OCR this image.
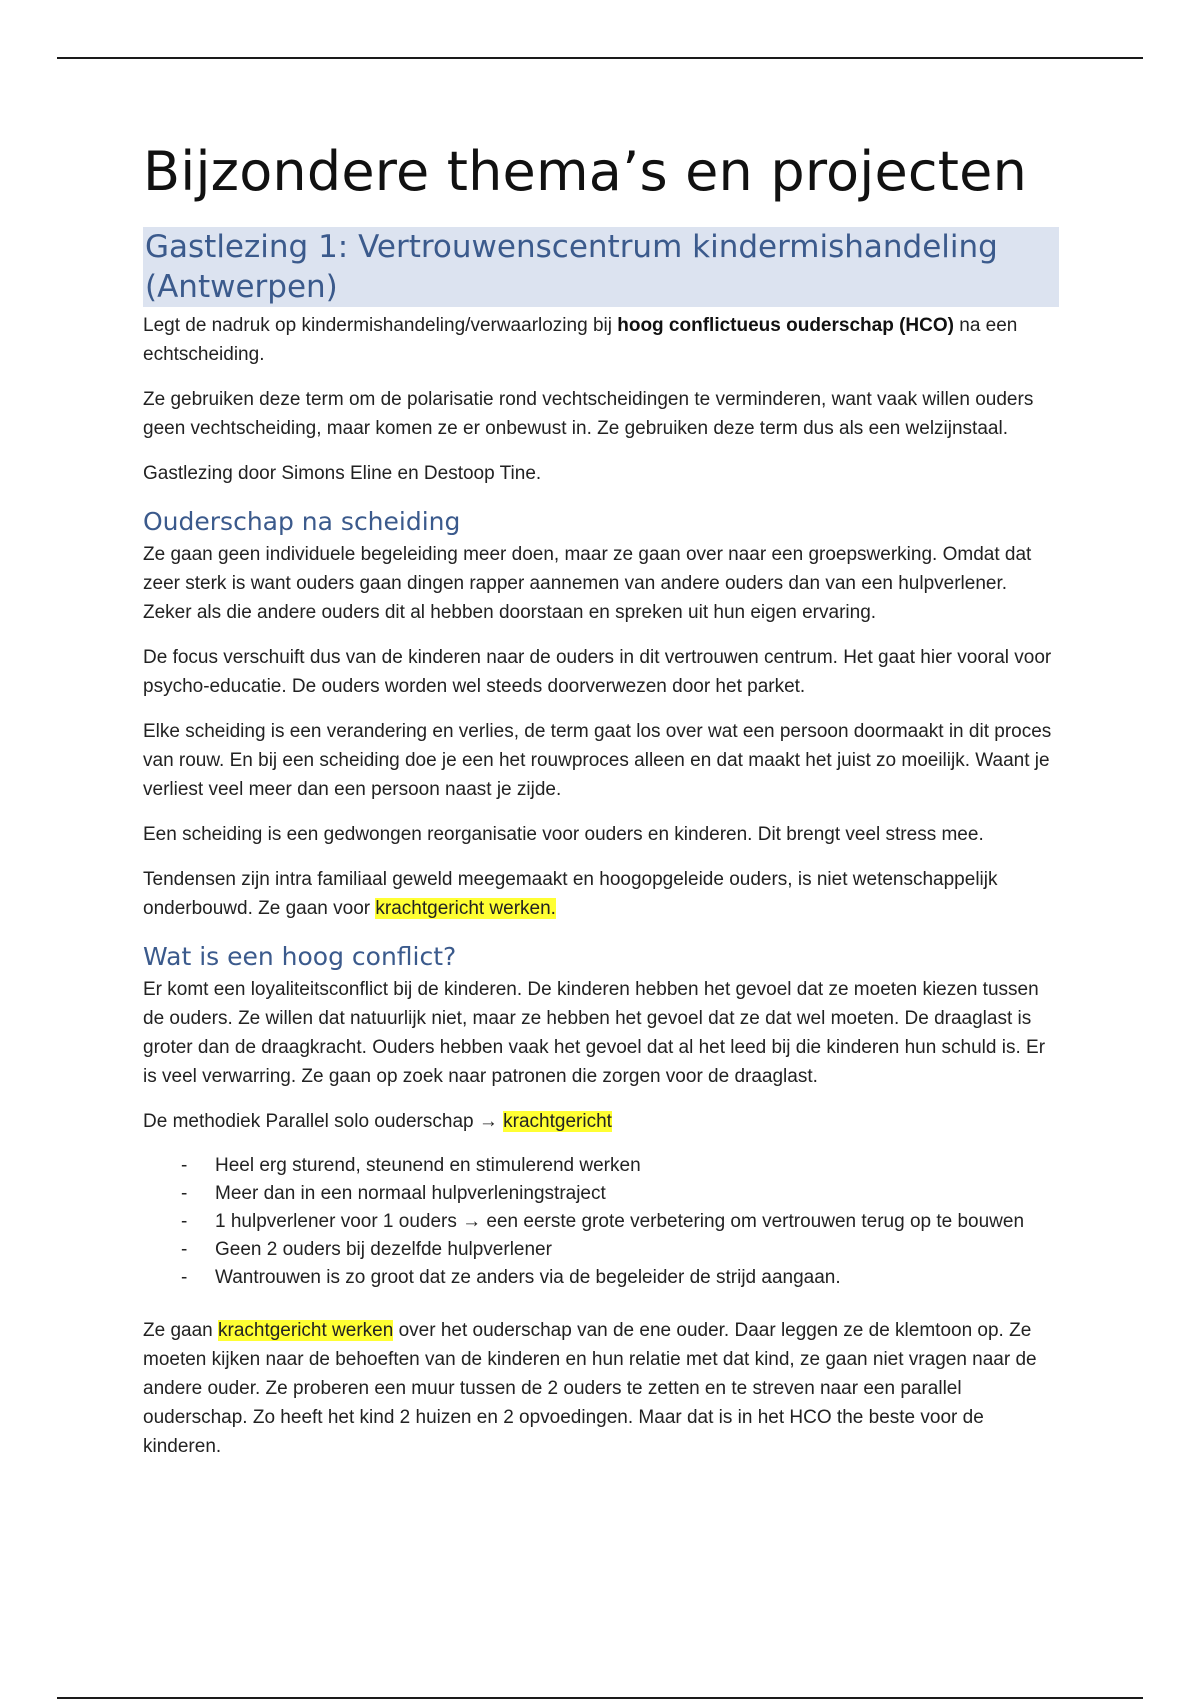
Bijzondere thema’s en projecten
Gastlezing 1: Vertrouwenscentrum kindermishandeling
(Antwerpen)

Legt de nadruk op kindermishandeling/verwaarlozing bij hoog conflictueus ouderschap (HCO) na een echtscheiding.

Ze gebruiken deze term om de polarisatie rond vechtscheidingen te verminderen, want vaak willen ouders geen vechtscheiding, maar komen ze er onbewust in. Ze gebruiken deze term dus als een welzijnstaal.

Gastlezing door Simons Eline en Destoop Tine.

Ouderschap na scheiding

Ze gaan geen individuele begeleiding meer doen, maar ze gaan over naar een groepswerking. Omdat dat zeer sterk is want ouders gaan dingen rapper aannemen van andere ouders dan van een hulpverlener. Zeker als die andere ouders dit al hebben doorstaan en spreken uit hun eigen ervaring.

De focus verschuift dus van de kinderen naar de ouders in dit vertrouwen centrum. Het gaat hier vooral voor psycho-educatie. De ouders worden wel steeds doorverwezen door het parket.

Elke scheiding is een verandering en verlies, de term gaat los over wat een persoon doormaakt in dit proces van rouw. En bij een scheiding doe je een het rouwproces alleen en dat maakt het juist zo moeilijk. Waant je verliest veel meer dan een persoon naast je zijde.

Een scheiding is een gedwongen reorganisatie voor ouders en kinderen. Dit brengt veel stress mee.

Tendensen zijn intra familiaal geweld meegemaakt en hoogopgeleide ouders, is niet wetenschappelijk onderbouwd. Ze gaan voor krachtgericht werken.

Wat is een hoog conflict?

Er komt een loyaliteitsconflict bij de kinderen. De kinderen hebben het gevoel dat ze moeten kiezen tussen de ouders. Ze willen dat natuurlijk niet, maar ze hebben het gevoel dat ze dat wel moeten. De draaglast is groter dan de draagkracht. Ouders hebben vaak het gevoel dat al het leed bij die kinderen hun schuld is. Er is veel verwarring. Ze gaan op zoek naar patronen die zorgen voor de draaglast.

De methodiek Parallel solo ouderschap → krachtgericht

- Heel erg sturend, steunend en stimulerend werken
- Meer dan in een normaal hulpverleningstraject
- 1 hulpverlener voor 1 ouders → een eerste grote verbetering om vertrouwen terug op te bouwen
- Geen 2 ouders bij dezelfde hulpverlener
- Wantrouwen is zo groot dat ze anders via de begeleider de strijd aangaan.

Ze gaan krachtgericht werken over het ouderschap van de ene ouder. Daar leggen ze de klemtoon op. Ze moeten kijken naar de behoeften van de kinderen en hun relatie met dat kind, ze gaan niet vragen naar de andere ouder. Ze proberen een muur tussen de 2 ouders te zetten en te streven naar een parallel ouderschap. Zo heeft het kind 2 huizen en 2 opvoedingen. Maar dat is in het HCO the beste voor de kinderen.
